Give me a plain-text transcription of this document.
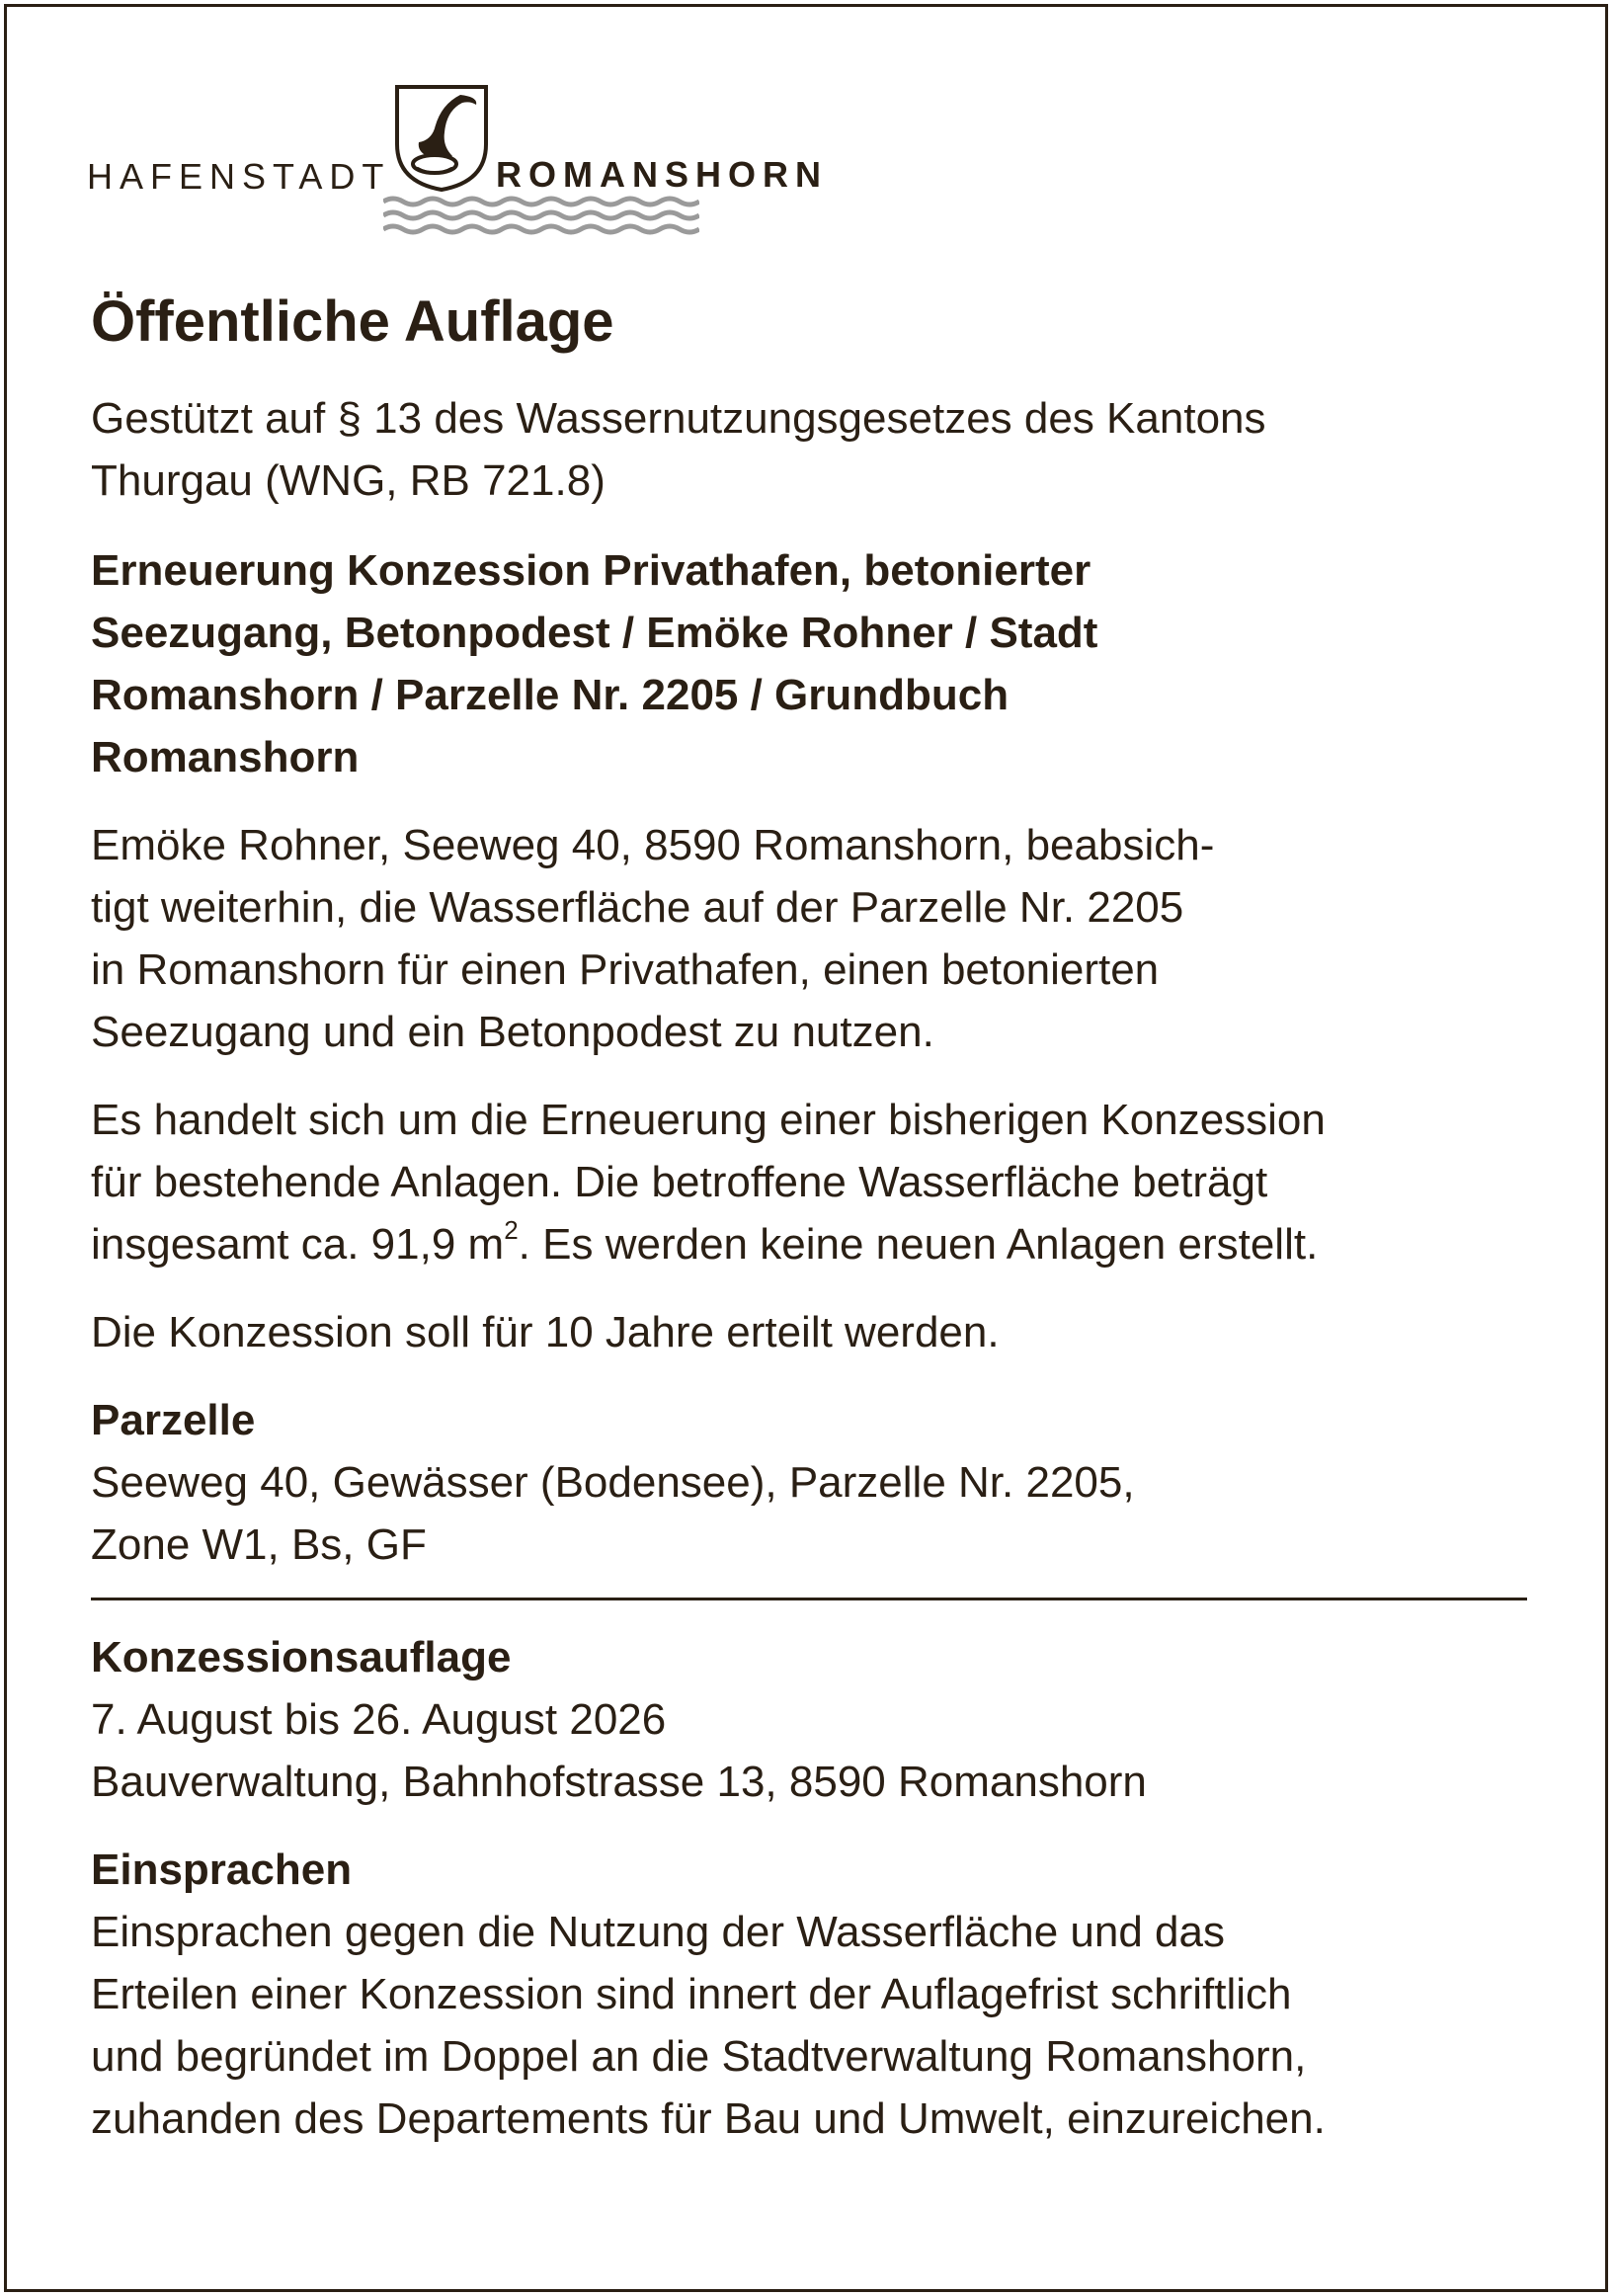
HAFENSTADT	ROMANSHORN
Öffentliche Auflage

Gestützt auf § 13 des Wassernutzungsgesetzes des Kantons
Thurgau (WNG, RB 721.8)

Erneuerung Konzession Privathafen, betonierter
Seezugang, Betonpodest / Emöke Rohner / Stadt
Romanshorn / Parzelle Nr. 2205 / Grundbuch
Romanshorn

Emöke Rohner, Seeweg 40, 8590 Romanshorn, beabsich-
tigt weiterhin, die Wasserfläche auf der Parzelle Nr. 2205
in Romanshorn für einen Privathafen, einen betonierten
Seezugang und ein Betonpodest zu nutzen.

Es handelt sich um die Erneuerung einer bisherigen Konzession
für bestehende Anlagen. Die betroffene Wasserfläche beträgt
insgesamt ca. 91,9 $m^2$. Es werden keine neuen Anlagen erstellt.

Die Konzession soll für 10 Jahre erteilt werden.

Parzelle

Seeweg 40, Gewässer (Bodensee), Parzelle Nr. 2205,
Zone W1, Bs, GF

Konzessionsauflage

7. August bis 26. August 2026
Bauverwaltung, Bahnhofstrasse 13, 8590 Romanshorn

Einsprachen

Einsprachen gegen die Nutzung der Wasserfläche und das
Erteilen einer Konzession sind innert der Auflagefrist schriftlich
und begründet im Doppel an die Stadtverwaltung Romanshorn,
zuhanden des Departements für Bau und Umwelt, einzureichen.
